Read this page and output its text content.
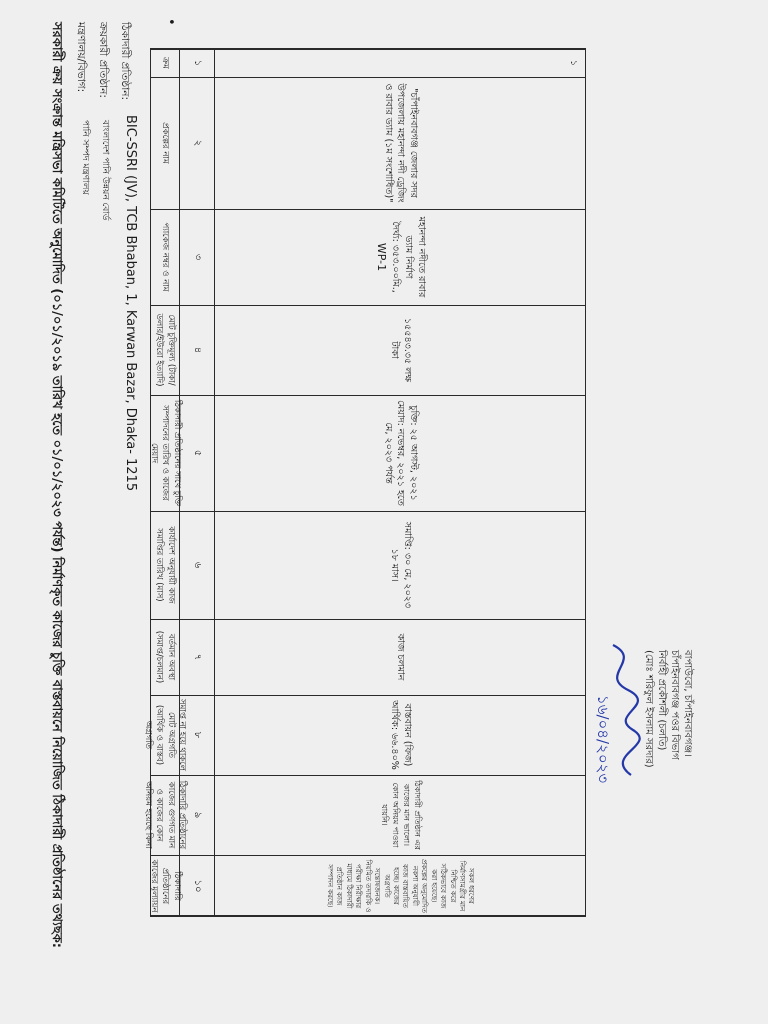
সরকারী ক্রয় সংক্রান্ত মন্ত্রিসভা কমিটিতে অনুমোদিত (০১/০১/২০১৯ তারিখ হতে ০১/০১/২০২৩ পর্যন্ত) নির্মাণকৃত কাজের চুক্তি বাস্তবায়নে নিয়োজিত ঠিকাদারী প্রতিষ্ঠানের তথ্যছক:	মন্ত্রণালয়/বিভাগ:
পানি সম্পদ মন্ত্রণালয়
ক্রয়কারী প্রতিষ্ঠান:
বাংলাদেশ পানি উন্নয়ন বোর্ড
ঠিকাদারী প্রতিষ্ঠান:
BIC-SSRI (JV), TCB Bhaban, 1, Karwan Bazar, Dhaka- 1215
ক্রম
প্রকল্পের নাম
প্যাকেজ নম্বর ও নাম
মোট চুক্তিমূল্য (টাকা/ডলার/ইউরো ইত্যাদি)
ঠিকাদারী প্রতিষ্ঠানের সাথে চুক্তি সম্পাদনের তারিখ ও কাজের মেয়াদ
কার্যাদেশ অনুযায়ী কাজ সমাপ্তির তারিখ (মাস)
বর্তমান অবস্থা (সমাপ্ত/চলমান)
সমাপ্ত না হয়ে থাকলে মোট অগ্রগতি (আর্থিক ও বাস্তব) অগ্রগতি
ঠিকাদারি প্রতিষ্ঠানের কাজের গুণগত মান ও কাজের কোন অনিয়ম হয়েছে কিনা
ঠিকাদারি প্রতিষ্ঠানের কাজের মূল্যায়ন
১
২
৩
৪
৫
৬
৭
৮
৯
১০
১
"চাঁপাইনবাবগঞ্জ জেলার সদর উপজেলায় মহানন্দা নদী ড্রেজিং ও রাবার ড্যাম (১ম সংশোধিত)"
মহানন্দা নদীতে রাবার ড্যাম নির্মাণ
দৈর্ঘ্য: ৩৫৩.০০মি.,
WP-1
১৫৫৪৩.৩৫ লক্ষ টাকা
চুক্তি: ২৫ আগস্ট, ২০২১
মেয়াদ: নভেম্বর, ২০২১ হতে মে, ২০২৩ পর্যন্ত
সমাপ্তি: ৩০ মে, ২০২৩
১৮ মাস।
কাজ চলমান
বাস্তবায়ন (ফিজ)
আর্থিক: ৬৬.৪০%
ঠিকাদারী প্রতিষ্ঠান এর কাজের মান ভালো। কোন অনিয়ম পাওয়া যায়নি।
সকল ধরণের নির্মাণসামগ্রীর মান নিশ্চিত করে সঠিকভাবে কাজ করা হয়েছে। প্রকল্পের অনুমোদিত নকশা অনুযায়ী কাজ বাস্তবায়িত হচ্ছে। কাজের অগ্রগতি সন্তোষজনক। নিয়মিত তদারকি ও পরীক্ষা নিরীক্ষার মাধ্যমে ঠিকাদারী প্রতিষ্ঠান কাজ সম্পাদন করছে।
•
১৬/০৪/২০২৩	(মোঃ শরিফুল ইসলাম সরদার) নির্বাহী প্রকৌশলী (চলতি) চাঁপাইনবাবগঞ্জ পওর বিভাগ বাপাউবো, চাঁপাইনবাবগঞ্জ।
